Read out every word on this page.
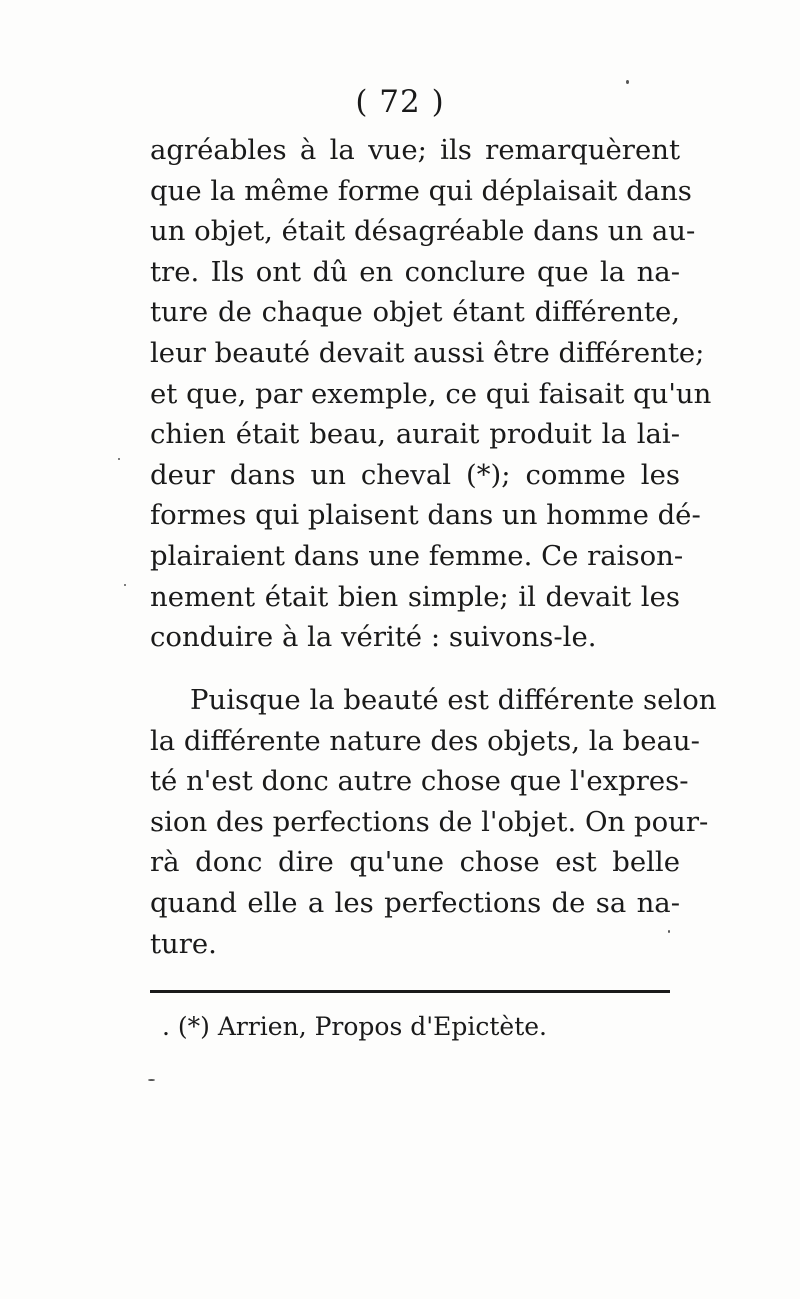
( 72 )
agréables à la vue; ils remarquèrent
que la même forme qui déplaisait dans
un objet, était désagréable dans un au-
tre. Ils ont dû en conclure que la na-
ture de chaque objet étant différente,
leur beauté devait aussi être différente;
et que, par exemple, ce qui faisait qu'un
chien était beau, aurait produit la lai-
deur dans un cheval (*); comme les
formes qui plaisent dans un homme dé-
plairaient dans une femme. Ce raison-
nement était bien simple; il devait les
conduire à la vérité : suivons-le.
Puisque la beauté est différente selon
la différente nature des objets, la beau-
té n'est donc autre chose que l'expres-
sion des perfections de l'objet. On pour-
rà donc dire qu'une chose est belle
quand elle a les perfections de sa na-
ture.
. (*) Arrien, Propos d'Epictète.
